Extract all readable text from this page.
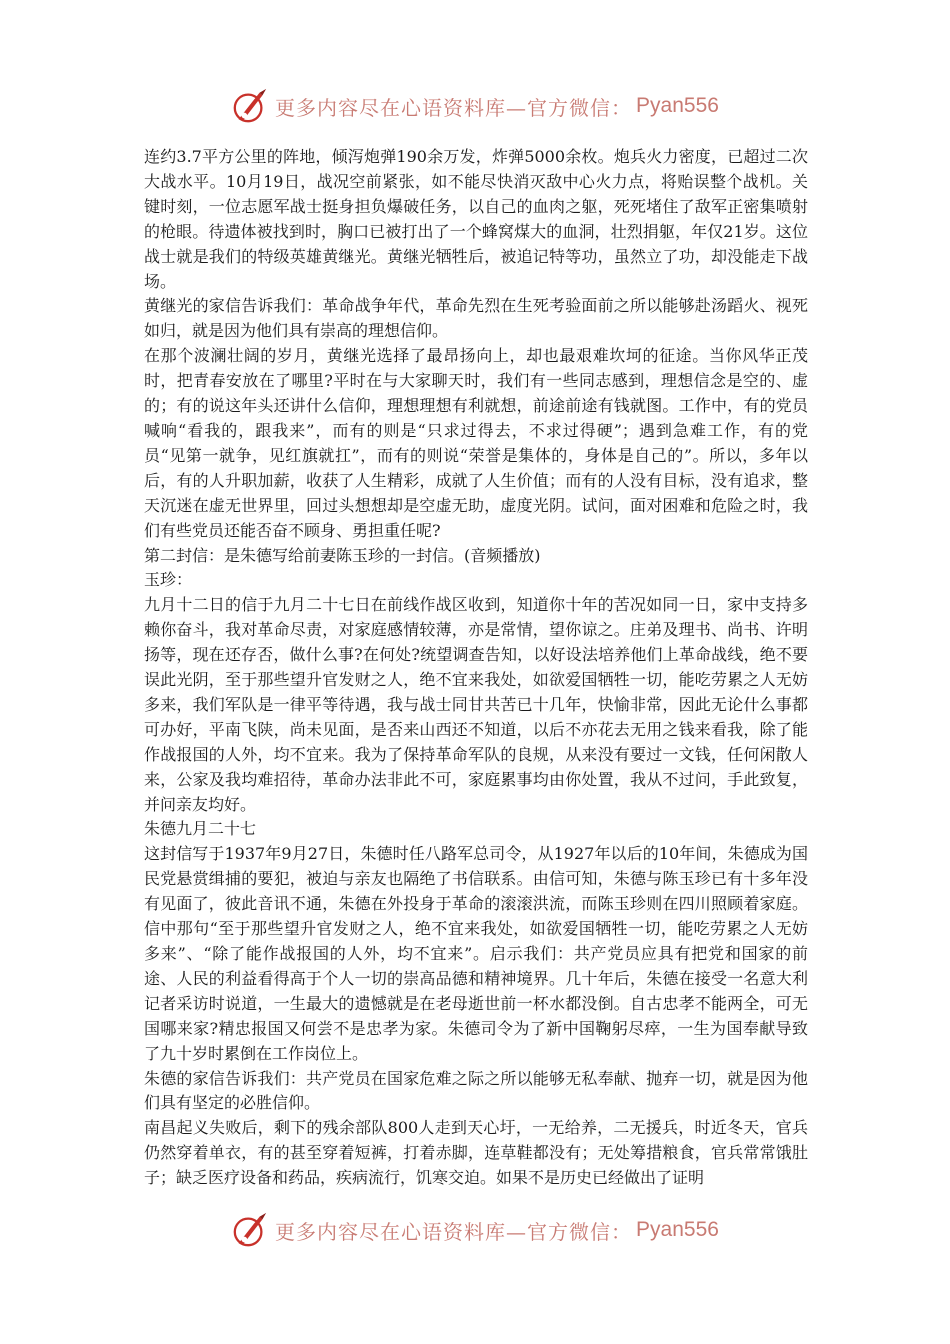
更多内容尽在心语资料库—官方微信： Pyan556

连约3.7平方公里的阵地，倾泻炮弹190余万发，炸弹5000余枚。炮兵火力密度，已超过二次大战水平。10月19日，战况空前紧张，如不能尽快消灭敌中心火力点，将贻误整个战机。关键时刻，一位志愿军战士挺身担负爆破任务，以自己的血肉之躯，死死堵住了敌军正密集喷射的枪眼。待遗体被找到时，胸口已被打出了一个蜂窝煤大的血洞，壮烈捐躯，年仅21岁。这位战士就是我们的特级英雄黄继光。黄继光牺牲后，被追记特等功，虽然立了功，却没能走下战场。

黄继光的家信告诉我们：革命战争年代，革命先烈在生死考验面前之所以能够赴汤蹈火、视死如归，就是因为他们具有崇高的理想信仰。

在那个波澜壮阔的岁月，黄继光选择了最昂扬向上，却也最艰难坎坷的征途。当你风华正茂时，把青春安放在了哪里?平时在与大家聊天时，我们有一些同志感到，理想信念是空的、虚的；有的说这年头还讲什么信仰，理想理想有利就想，前途前途有钱就图。工作中，有的党员喊响“看我的，跟我来”，而有的则是“只求过得去，不求过得硬”；遇到急难工作，有的党员“见第一就争，见红旗就扛”，而有的则说“荣誉是集体的，身体是自己的”。所以，多年以后，有的人升职加薪，收获了人生精彩，成就了人生价值；而有的人没有目标，没有追求，整天沉迷在虚无世界里，回过头想想却是空虚无助，虚度光阴。试问，面对困难和危险之时，我们有些党员还能否奋不顾身、勇担重任呢?

第二封信：是朱德写给前妻陈玉珍的一封信。(音频播放)

玉珍：

九月十二日的信于九月二十七日在前线作战区收到，知道你十年的苦况如同一日，家中支持多赖你奋斗，我对革命尽责，对家庭感情较薄，亦是常情，望你谅之。庄弟及理书、尚书、许明扬等，现在还存否，做什么事?在何处?统望调查告知，以好设法培养他们上革命战线，绝不要误此光阴，至于那些望升官发财之人，绝不宜来我处，如欲爱国牺牲一切，能吃劳累之人无妨多来，我们军队是一律平等待遇，我与战士同甘共苦已十几年，快愉非常，因此无论什么事都可办好，平南飞陕，尚未见面，是否来山西还不知道，以后不亦花去无用之钱来看我，除了能作战报国的人外，均不宜来。我为了保持革命军队的良规，从来没有要过一文钱，任何闲散人来，公家及我均难招待，革命办法非此不可，家庭累事均由你处置，我从不过问，手此致复，并问亲友均好。

朱德九月二十七

这封信写于1937年9月27日，朱德时任八路军总司令，从1927年以后的10年间，朱德成为国民党悬赏缉捕的要犯，被迫与亲友也隔绝了书信联系。由信可知，朱德与陈玉珍已有十多年没有见面了，彼此音讯不通，朱德在外投身于革命的滚滚洪流，而陈玉珍则在四川照顾着家庭。信中那句“至于那些望升官发财之人，绝不宜来我处，如欲爱国牺牲一切，能吃劳累之人无妨多来”、“除了能作战报国的人外，均不宜来”。启示我们：共产党员应具有把党和国家的前途、人民的利益看得高于个人一切的崇高品德和精神境界。几十年后，朱德在接受一名意大利记者采访时说道，一生最大的遗憾就是在老母逝世前一杯水都没倒。自古忠孝不能两全，可无国哪来家?精忠报国又何尝不是忠孝为家。朱德司令为了新中国鞠躬尽瘁，一生为国奉献导致了九十岁时累倒在工作岗位上。

朱德的家信告诉我们：共产党员在国家危难之际之所以能够无私奉献、抛弃一切，就是因为他们具有坚定的必胜信仰。

南昌起义失败后，剩下的残余部队800人走到天心圩，一无给养，二无援兵，时近冬天，官兵仍然穿着单衣，有的甚至穿着短裤，打着赤脚，连草鞋都没有；无处筹措粮食，官兵常常饿肚子；缺乏医疗设备和药品，疾病流行，饥寒交迫。如果不是历史已经做出了证明

更多内容尽在心语资料库—官方微信： Pyan556
